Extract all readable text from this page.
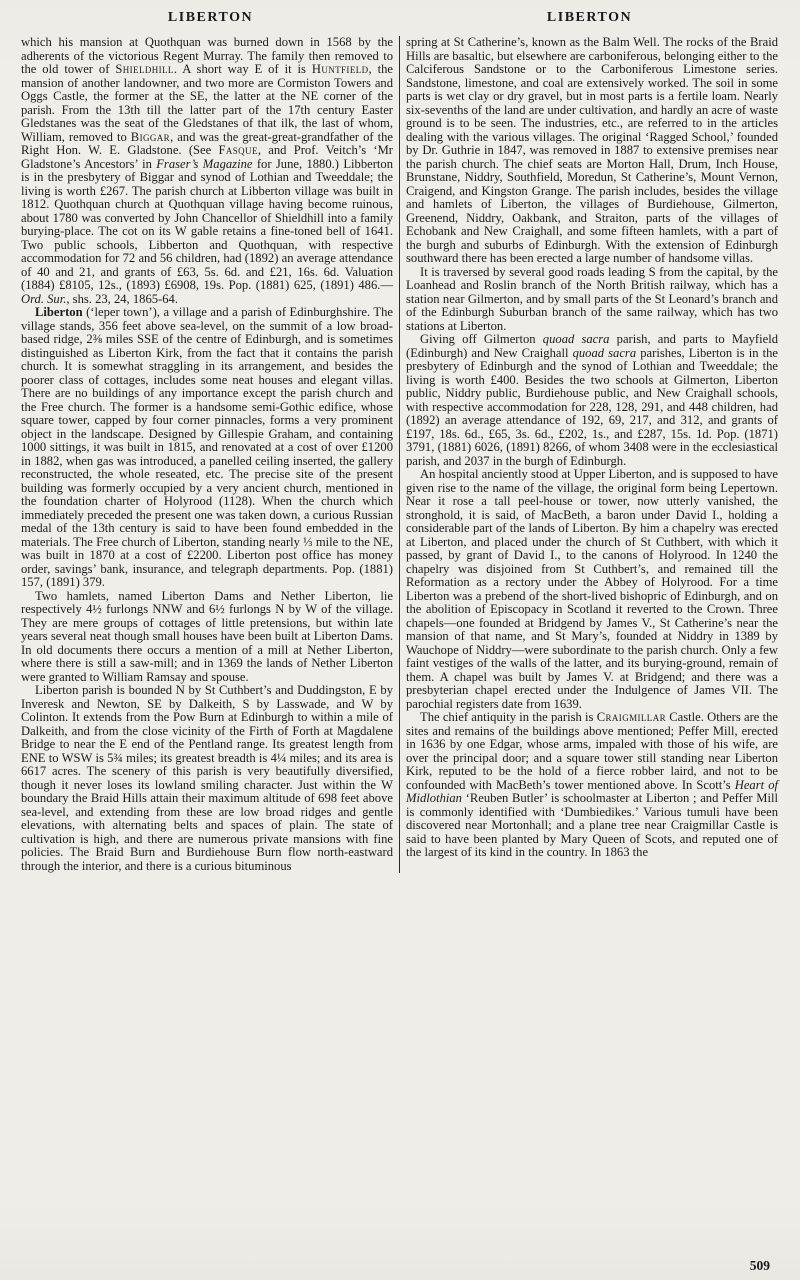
LIBERTON	LIBERTON

which his mansion at Quothquan was burned down in 1568 by the adherents of the victorious Regent Murray. The family then removed to the old tower of Shieldhill. A short way E of it is Huntfield, the mansion of another landowner, and two more are Cormiston Towers and Oggs Castle, the former at the SE, the latter at the NE corner of the parish. From the 13th till the latter part of the 17th century Easter Gledstanes was the seat of the Gledstanes of that ilk, the last of whom, William, removed to Biggar, and was the great-great-grandfather of the Right Hon. W. E. Gladstone. (See Fasque, and Prof. Veitch’s ‘Mr Gladstone’s Ancestors’ in Fraser’s Magazine for June, 1880.) Libberton is in the presbytery of Biggar and synod of Lothian and Tweeddale; the living is worth £267. The parish church at Libberton village was built in 1812. Quothquan church at Quothquan village having become ruinous, about 1780 was converted by John Chancellor of Shieldhill into a family burying-place. The cot on its W gable retains a fine-toned bell of 1641. Two public schools, Libberton and Quothquan, with respective accommodation for 72 and 56 children, had (1892) an average attendance of 40 and 21, and grants of £63, 5s. 6d. and £21, 16s. 6d. Valuation (1884) £8105, 12s., (1893) £6908, 19s. Pop. (1881) 625, (1891) 486.—Ord. Sur., shs. 23, 24, 1865-64.

Liberton (‘leper town’), a village and a parish of Edinburghshire. The village stands, 356 feet above sea-level, on the summit of a low broad-based ridge, 2⅜ miles SSE of the centre of Edinburgh, and is sometimes distinguished as Liberton Kirk, from the fact that it contains the parish church. It is somewhat straggling in its arrangement, and besides the poorer class of cottages, includes some neat houses and elegant villas. There are no buildings of any importance except the parish church and the Free church. The former is a handsome semi-Gothic edifice, whose square tower, capped by four corner pinnacles, forms a very prominent object in the landscape. Designed by Gillespie Graham, and containing 1000 sittings, it was built in 1815, and renovated at a cost of over £1200 in 1882, when gas was introduced, a panelled ceiling inserted, the gallery reconstructed, the whole reseated, etc. The precise site of the present building was formerly occupied by a very ancient church, mentioned in the foundation charter of Holyrood (1128). When the church which immediately preceded the present one was taken down, a curious Russian medal of the 13th century is said to have been found embedded in the materials. The Free church of Liberton, standing nearly ⅓ mile to the NE, was built in 1870 at a cost of £2200. Liberton post office has money order, savings’ bank, insurance, and telegraph departments. Pop. (1881) 157, (1891) 379.

Two hamlets, named Liberton Dams and Nether Liberton, lie respectively 4½ furlongs NNW and 6½ furlongs N by W of the village. They are mere groups of cottages of little pretensions, but within late years several neat though small houses have been built at Liberton Dams. In old documents there occurs a mention of a mill at Nether Liberton, where there is still a saw-mill; and in 1369 the lands of Nether Liberton were granted to William Ramsay and spouse.

Liberton parish is bounded N by St Cuthbert’s and Duddingston, E by Inveresk and Newton, SE by Dalkeith, S by Lasswade, and W by Colinton. It extends from the Pow Burn at Edinburgh to within a mile of Dalkeith, and from the close vicinity of the Firth of Forth at Magdalene Bridge to near the E end of the Pentland range. Its greatest length from ENE to WSW is 5¾ miles; its greatest breadth is 4¼ miles; and its area is 6617 acres. The scenery of this parish is very beautifully diversified, though it never loses its lowland smiling character. Just within the W boundary the Braid Hills attain their maximum altitude of 698 feet above sea-level, and extending from these are low broad ridges and gentle elevations, with alternating belts and spaces of plain. The state of cultivation is high, and there are numerous private mansions with fine policies. The Braid Burn and Burdiehouse Burn flow north-eastward through the interior, and there is a curious bituminous

spring at St Catherine’s, known as the Balm Well. The rocks of the Braid Hills are basaltic, but elsewhere are carboniferous, belonging either to the Calciferous Sandstone or to the Carboniferous Limestone series. Sandstone, limestone, and coal are extensively worked. The soil in some parts is wet clay or dry gravel, but in most parts is a fertile loam. Nearly six-sevenths of the land are under cultivation, and hardly an acre of waste ground is to be seen. The industries, etc., are referred to in the articles dealing with the various villages. The original ‘Ragged School,’ founded by Dr. Guthrie in 1847, was removed in 1887 to extensive premises near the parish church. The chief seats are Morton Hall, Drum, Inch House, Brunstane, Niddry, Southfield, Moredun, St Catherine’s, Mount Vernon, Craigend, and Kingston Grange. The parish includes, besides the village and hamlets of Liberton, the villages of Burdiehouse, Gilmerton, Greenend, Niddry, Oakbank, and Straiton, parts of the villages of Echobank and New Craighall, and some fifteen hamlets, with a part of the burgh and suburbs of Edinburgh. With the extension of Edinburgh southward there has been erected a large number of handsome villas.

It is traversed by several good roads leading S from the capital, by the Loanhead and Roslin branch of the North British railway, which has a station near Gilmerton, and by small parts of the St Leonard’s branch and of the Edinburgh Suburban branch of the same railway, which has two stations at Liberton.

Giving off Gilmerton quoad sacra parish, and parts to Mayfield (Edinburgh) and New Craighall quoad sacra parishes, Liberton is in the presbytery of Edinburgh and the synod of Lothian and Tweeddale; the living is worth £400. Besides the two schools at Gilmerton, Liberton public, Niddry public, Burdiehouse public, and New Craighall schools, with respective accommodation for 228, 128, 291, and 448 children, had (1892) an average attendance of 192, 69, 217, and 312, and grants of £197, 18s. 6d., £65, 3s. 6d., £202, 1s., and £287, 15s. 1d. Pop. (1871) 3791, (1881) 6026, (1891) 8266, of whom 3408 were in the ecclesiastical parish, and 2037 in the burgh of Edinburgh.

An hospital anciently stood at Upper Liberton, and is supposed to have given rise to the name of the village, the original form being Lepertown. Near it rose a tall peel-house or tower, now utterly vanished, the stronghold, it is said, of MacBeth, a baron under David I., holding a considerable part of the lands of Liberton. By him a chapelry was erected at Liberton, and placed under the church of St Cuthbert, with which it passed, by grant of David I., to the canons of Holyrood. In 1240 the chapelry was disjoined from St Cuthbert’s, and remained till the Reformation as a rectory under the Abbey of Holyrood. For a time Liberton was a prebend of the short-lived bishopric of Edinburgh, and on the abolition of Episcopacy in Scotland it reverted to the Crown. Three chapels—one founded at Bridgend by James V., St Catherine’s near the mansion of that name, and St Mary’s, founded at Niddry in 1389 by Wauchope of Niddry—were subordinate to the parish church. Only a few faint vestiges of the walls of the latter, and its burying-ground, remain of them. A chapel was built by James V. at Bridgend; and there was a presbyterian chapel erected under the Indulgence of James VII. The parochial registers date from 1639.

The chief antiquity in the parish is Craigmillar Castle. Others are the sites and remains of the buildings above mentioned; Peffer Mill, erected in 1636 by one Edgar, whose arms, impaled with those of his wife, are over the principal door; and a square tower still standing near Liberton Kirk, reputed to be the hold of a fierce robber laird, and not to be confounded with MacBeth’s tower mentioned above. In Scott’s Heart of Midlothian ‘Reuben Butler’ is schoolmaster at Liberton ; and Peffer Mill is commonly identified with ‘Dumbiedikes.’ Various tumuli have been discovered near Mortonhall; and a plane tree near Craigmillar Castle is said to have been planted by Mary Queen of Scots, and reputed one of the largest of its kind in the country. In 1863 the

509
